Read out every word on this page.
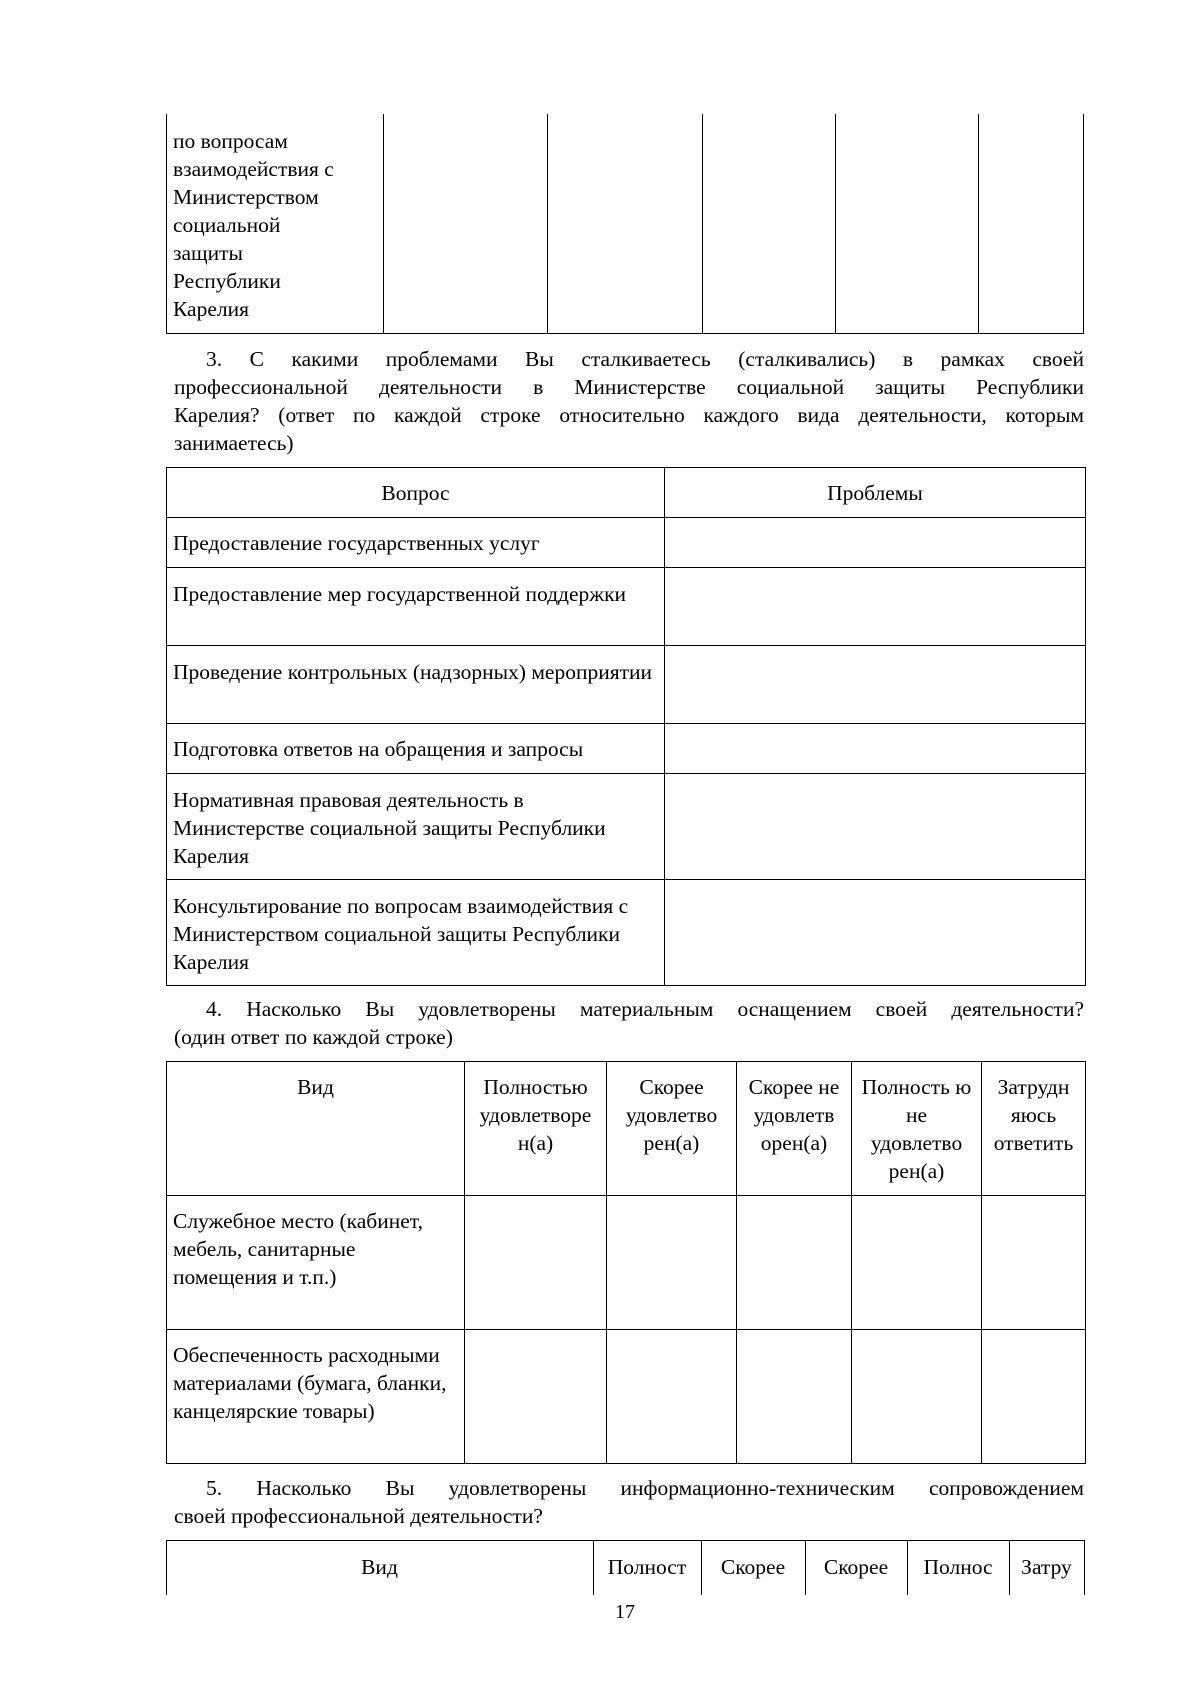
по вопросам
взаимодействия с
Министерством
социальной
защиты
Республики
Карелия
3. С какими проблемами Вы сталкиваетесь (сталкивались) в рамках своей
профессиональной деятельности в Министерстве социальной защиты Республики
Карелия? (ответ по каждой строке относительно каждого вида деятельности, которым
занимаетесь)
Вопрос	Проблемы
Предоставление государственных услуг	

Предоставление мер государственной поддержки	

Проведение контрольных (надзорных) мероприятии	

Подготовка ответов на обращения и запросы	

Нормативная правовая деятельность в Министерстве социальной защиты Республики Карелия	

Консультирование по вопросам взаимодействия с Министерством социальной защиты Республики Карелия	

4. Насколько Вы удовлетворены материальным оснащением своей деятельности?
(один ответ по каждой строке)
Вид	Полностью удовлетворе н(а)	Скорее удовлетво рен(а)	Скорее не удовлетв орен(а)	Полность ю не удовлетво рен(а)	Затрудн яюсь ответить
Служебное место (кабинет, мебель, санитарные помещения и т.п.)					
Обеспеченность расходными материалами (бумага, бланки, канцелярские товары)					
5. Насколько Вы удовлетворены информационно-техническим сопровождением
своей профессиональной деятельности?
Вид	Полност	Скорее	Скорее	Полнос	Затру
17
